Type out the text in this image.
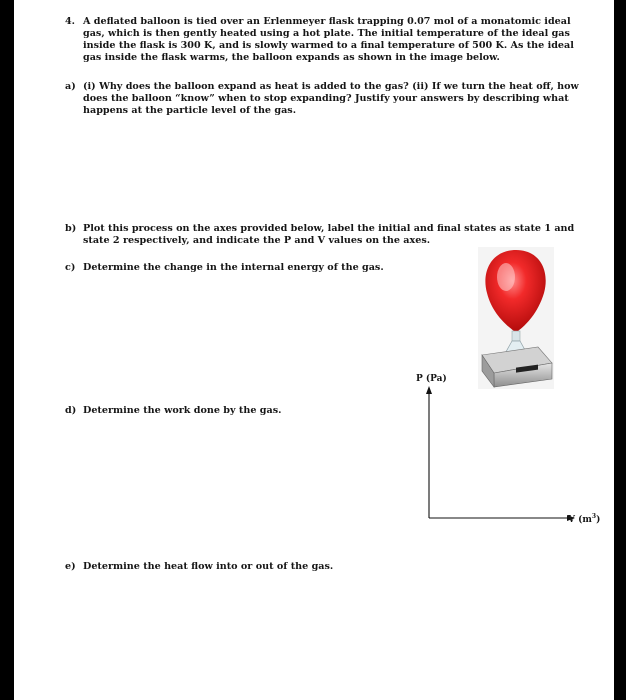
4. A deflated balloon is tied over an Erlenmeyer flask trapping 0.07 mol of a monatomic ideal
gas, which is then gently heated using a hot plate. The initial temperature of the ideal gas
inside the flask is 300 K, and is slowly warmed to a final temperature of 500 K. As the ideal
gas inside the flask warms, the balloon expands as shown in the image below.
a) (i) Why does the balloon expand as heat is added to the gas? (ii) If we turn the heat off, how
does the balloon “know” when to stop expanding? Justify your answers by describing what
happens at the particle level of the gas.
b) Plot this process on the axes provided below, label the initial and final states as state 1 and
state 2 respectively, and indicate the P and V values on the axes.
c) Determine the change in the internal energy of the gas.
P (Pa)
V $(m^3)$
d) Determine the work done by the gas.
e) Determine the heat flow into or out of the gas.
